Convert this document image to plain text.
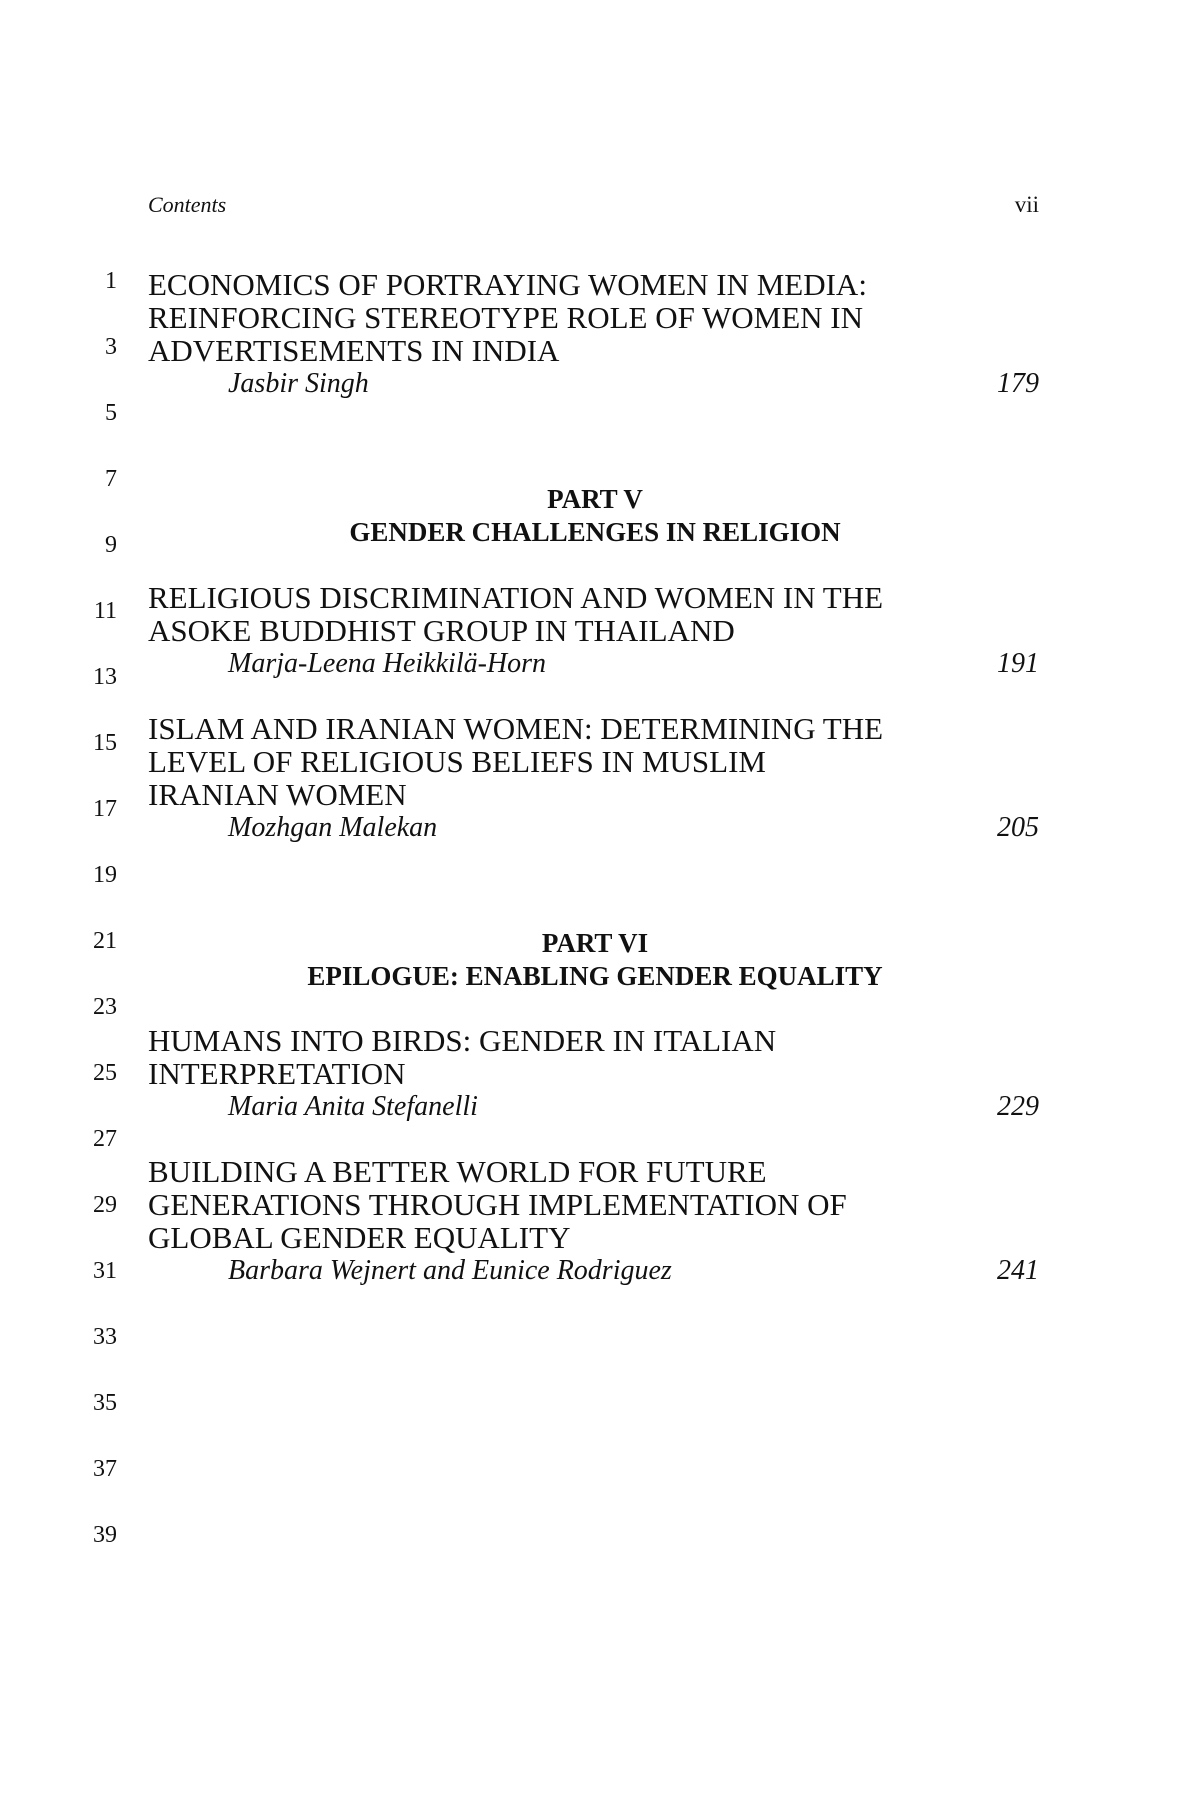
Contents	vii
1
3
5
7
9
11
13
15
17
19
21
23
25
27
29
31
33
35
37
39
ECONOMICS OF PORTRAYING WOMEN IN MEDIA:
REINFORCING STEREOTYPE ROLE OF WOMEN IN
ADVERTISEMENTS IN INDIA
Jasbir Singh	179
PART V
GENDER CHALLENGES IN RELIGION
RELIGIOUS DISCRIMINATION AND WOMEN IN THE
ASOKE BUDDHIST GROUP IN THAILAND
Marja-Leena Heikkilä-Horn	191
ISLAM AND IRANIAN WOMEN: DETERMINING THE
LEVEL OF RELIGIOUS BELIEFS IN MUSLIM
IRANIAN WOMEN
Mozhgan Malekan	205
PART VI
EPILOGUE: ENABLING GENDER EQUALITY
HUMANS INTO BIRDS: GENDER IN ITALIAN
INTERPRETATION
Maria Anita Stefanelli	229
BUILDING A BETTER WORLD FOR FUTURE
GENERATIONS THROUGH IMPLEMENTATION OF
GLOBAL GENDER EQUALITY
Barbara Wejnert and Eunice Rodriguez	241
